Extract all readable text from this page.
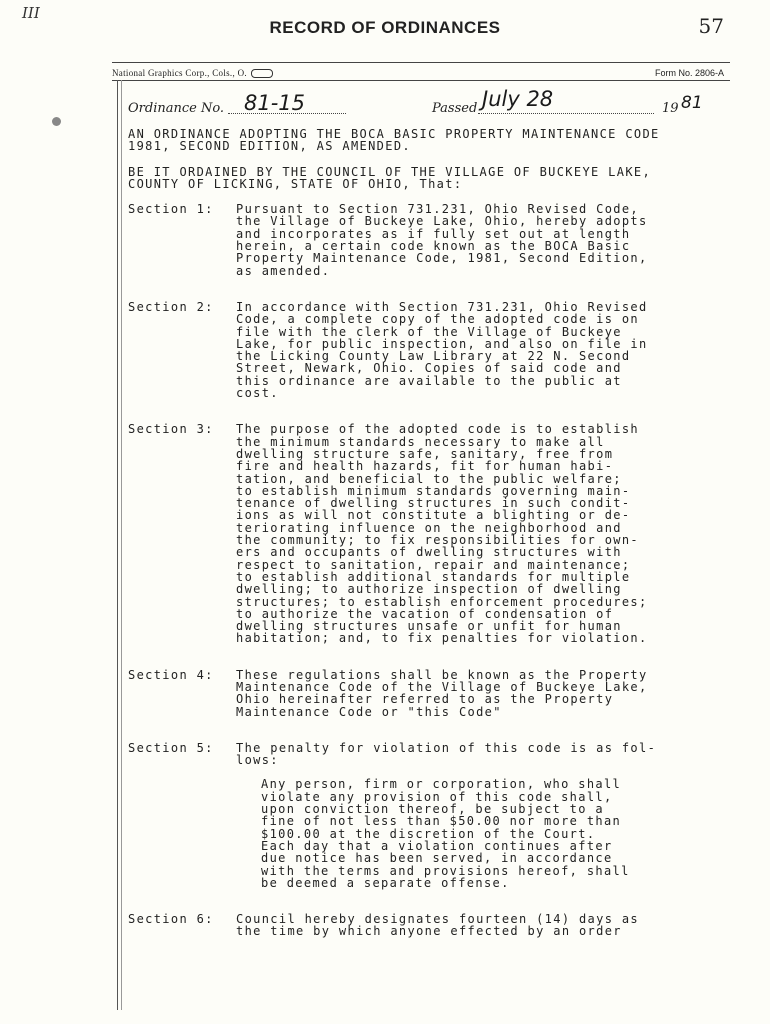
III
RECORD OF ORDINANCES	57
National Graphics Corp., Cols., O.	Form No. 2806-A
Ordinance No. 81-15	Passed July 28	19 81

AN ORDINANCE ADOPTING THE BOCA BASIC PROPERTY MAINTENANCE CODE
1981, SECOND EDITION, AS AMENDED.

BE IT ORDAINED BY THE COUNCIL OF THE VILLAGE OF BUCKEYE LAKE,
COUNTY OF LICKING, STATE OF OHIO, That:

Section 1:	Pursuant to Section 731.231, Ohio Revised Code,
the Village of Buckeye Lake, Ohio, hereby adopts
and incorporates as if fully set out at length
herein, a certain code known as the BOCA Basic
Property Maintenance Code, 1981, Second Edition,
as amended.
Section 2:	In accordance with Section 731.231, Ohio Revised
Code, a complete copy of the adopted code is on
file with the clerk of the Village of Buckeye
Lake, for public inspection, and also on file in
the Licking County Law Library at 22 N. Second
Street, Newark, Ohio. Copies of said code and
this ordinance are available to the public at
cost.
Section 3:	The purpose of the adopted code is to establish
the minimum standards necessary to make all
dwelling structure safe, sanitary, free from
fire and health hazards, fit for human habi-
tation, and beneficial to the public welfare;
to establish minimum standards governing main-
tenance of dwelling structures in such condit-
ions as will not constitute a blighting or de-
teriorating influence on the neighborhood and
the community; to fix responsibilities for own-
ers and occupants of dwelling structures with
respect to sanitation, repair and maintenance;
to establish additional standards for multiple
dwelling; to authorize inspection of dwelling
structures; to establish enforcement procedures;
to authorize the vacation of condensation of
dwelling structures unsafe or unfit for human
habitation; and, to fix penalties for violation.
Section 4:	These regulations shall be known as the Property
Maintenance Code of the Village of Buckeye Lake,
Ohio hereinafter referred to as the Property
Maintenance Code or "this Code"
Section 5:	The penalty for violation of this code is as fol-
lows:
Any person, firm or corporation, who shall
violate any provision of this code shall,
upon conviction thereof, be subject to a
fine of not less than $50.00 nor more than
$100.00 at the discretion of the Court.
Each day that a violation continues after
due notice has been served, in accordance
with the terms and provisions hereof, shall
be deemed a separate offense.
Section 6:	Council hereby designates fourteen (14) days as
the time by which anyone effected by an order
